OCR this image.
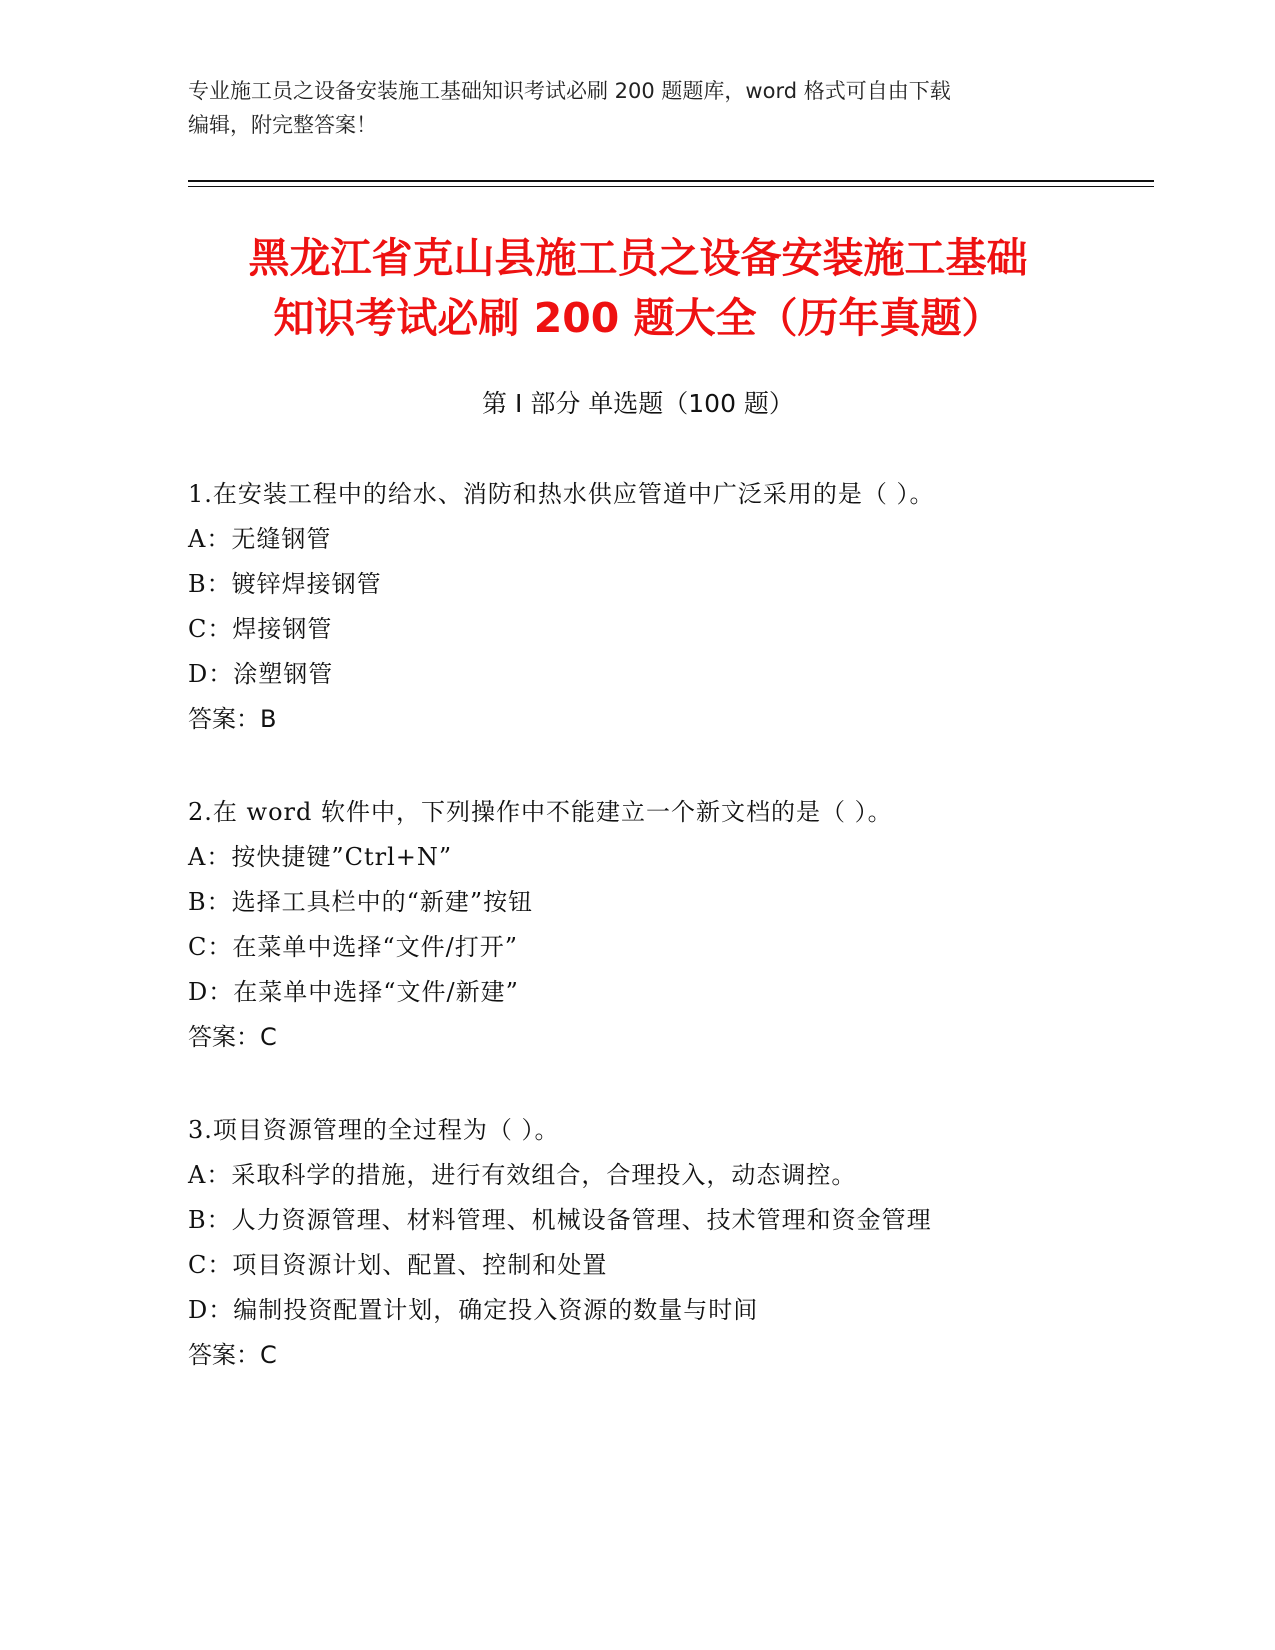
专业施工员之设备安装施工基础知识考试必刷 200 题题库，word 格式可自由下载
编辑，附完整答案！
黑龙江省克山县施工员之设备安装施工基础
知识考试必刷 200 题大全（历年真题）
第 I 部分 单选题（100 题）
1.在安装工程中的给水、消防和热水供应管道中广泛采用的是（ ）。
A：无缝钢管
B：镀锌焊接钢管
C：焊接钢管
D：涂塑钢管
答案：B
2.在 word 软件中，下列操作中不能建立一个新文档的是（ ）。
A：按快捷键”Ctrl+N”
B：选择工具栏中的“新建”按钮
C：在菜单中选择“文件/打开”
D：在菜单中选择“文件/新建”
答案：C
3.项目资源管理的全过程为（ ）。
A：采取科学的措施，进行有效组合，合理投入，动态调控。
B：人力资源管理、材料管理、机械设备管理、技术管理和资金管理
C：项目资源计划、配置、控制和处置
D：编制投资配置计划，确定投入资源的数量与时间
答案：C
